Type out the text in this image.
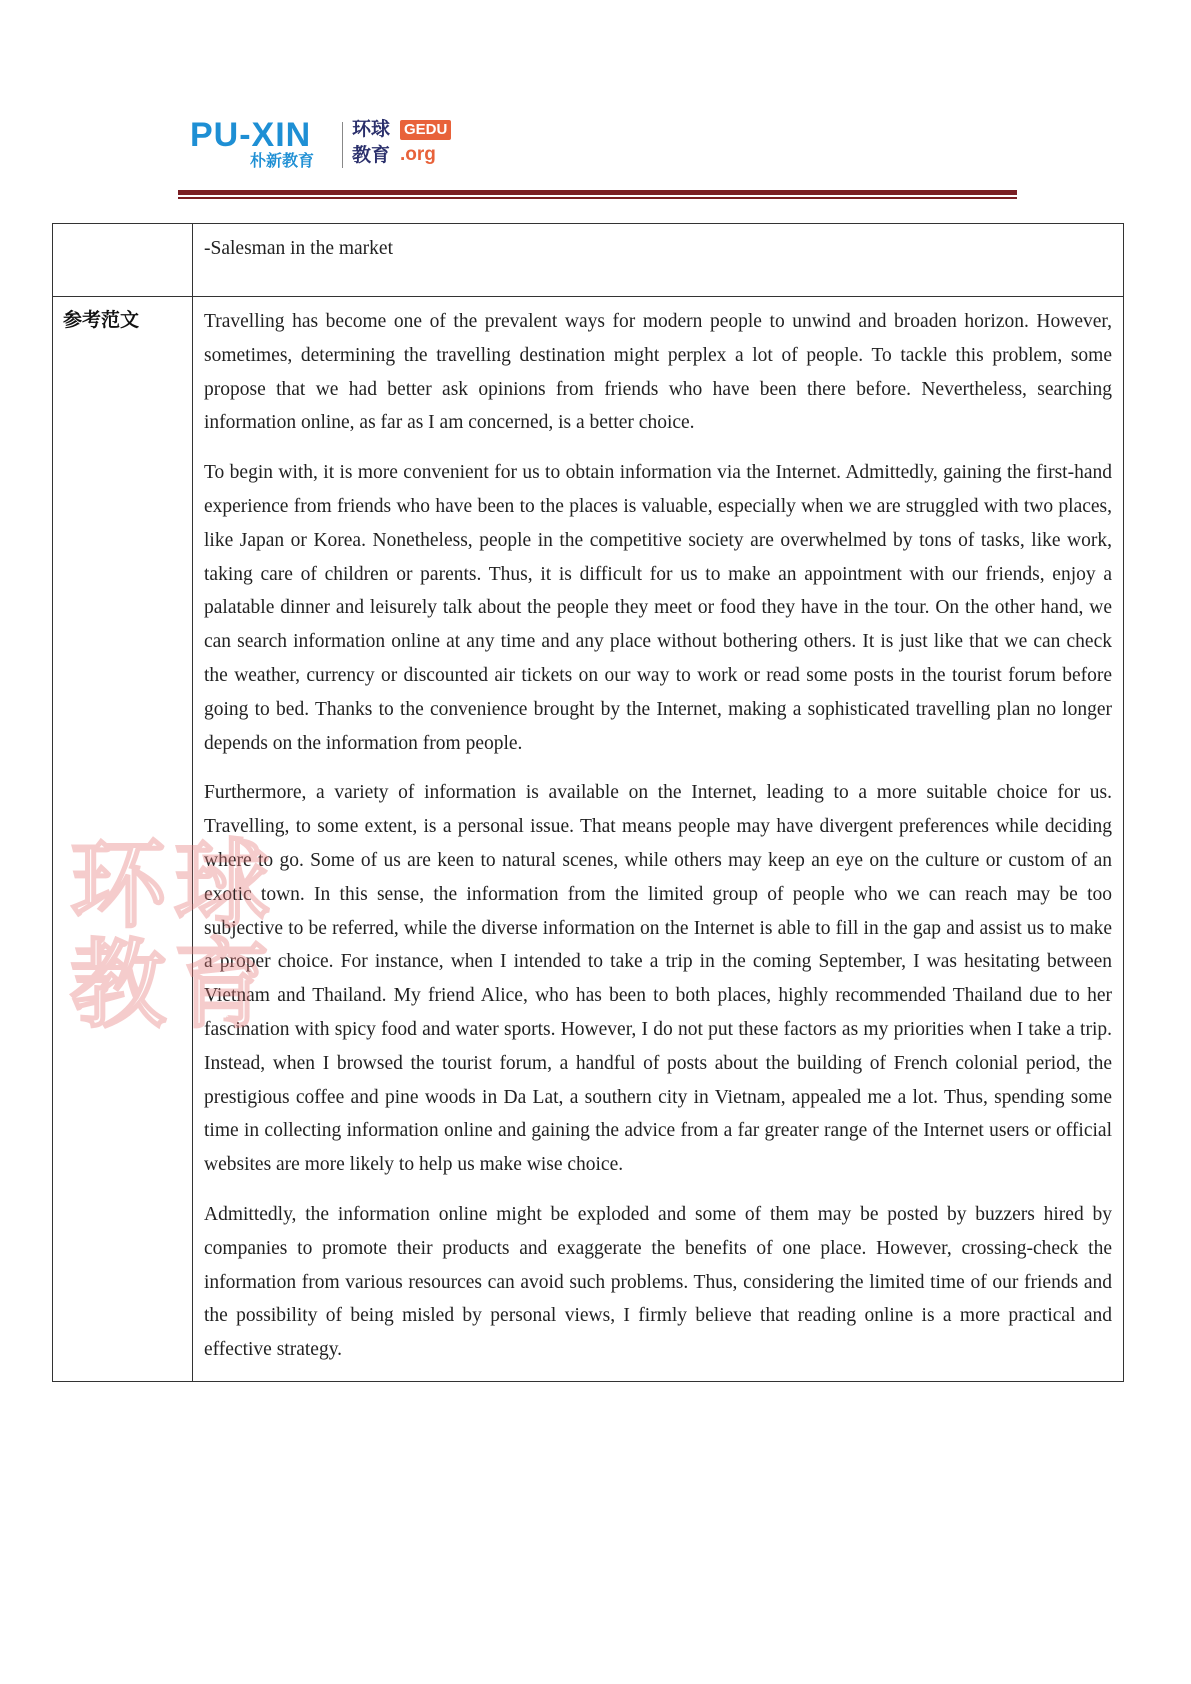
PU-XIN
朴新教育
环球
教育
GEDU
.org

	-Salesman in the market

参考范文	Travelling has become one of the prevalent ways for modern people to unwind and broaden horizon. However, sometimes, determining the travelling destination might perplex a lot of people. To tackle this problem, some propose that we had better ask opinions from friends who have been there before. Nevertheless, searching information online, as far as I am concerned, is a better choice.

To begin with, it is more convenient for us to obtain information via the Internet. Admittedly, gaining the first-hand experience from friends who have been to the places is valuable, especially when we are struggled with two places, like Japan or Korea. Nonetheless, people in the competitive society are overwhelmed by tons of tasks, like work, taking care of children or parents. Thus, it is difficult for us to make an appointment with our friends, enjoy a palatable dinner and leisurely talk about the people they meet or food they have in the tour. On the other hand, we can search information online at any time and any place without bothering others. It is just like that we can check the weather, currency or discounted air tickets on our way to work or read some posts in the tourist forum before going to bed. Thanks to the convenience brought by the Internet, making a sophisticated travelling plan no longer depends on the information from people.

Furthermore, a variety of information is available on the Internet, leading to a more suitable choice for us. Travelling, to some extent, is a personal issue. That means people may have divergent preferences while deciding where to go. Some of us are keen to natural scenes, while others may keep an eye on the culture or custom of an exotic town. In this sense, the information from the limited group of people who we can reach may be too subjective to be referred, while the diverse information on the Internet is able to fill in the gap and assist us to make a proper choice. For instance, when I intended to take a trip in the coming September, I was hesitating between Vietnam and Thailand. My friend Alice, who has been to both places, highly recommended Thailand due to her fascination with spicy food and water sports. However, I do not put these factors as my priorities when I take a trip. Instead, when I browsed the tourist forum, a handful of posts about the building of French colonial period, the prestigious coffee and pine woods in Da Lat, a southern city in Vietnam, appealed me a lot. Thus, spending some time in collecting information online and gaining the advice from a far greater range of the Internet users or official websites are more likely to help us make wise choice.

Admittedly, the information online might be exploded and some of them may be posted by buzzers hired by companies to promote their products and exaggerate the benefits of one place. However, crossing-check the information from various resources can avoid such problems. Thus, considering the limited time of our friends and the possibility of being misled by personal views, I firmly believe that reading online is a more practical and effective strategy.

环球
教育
